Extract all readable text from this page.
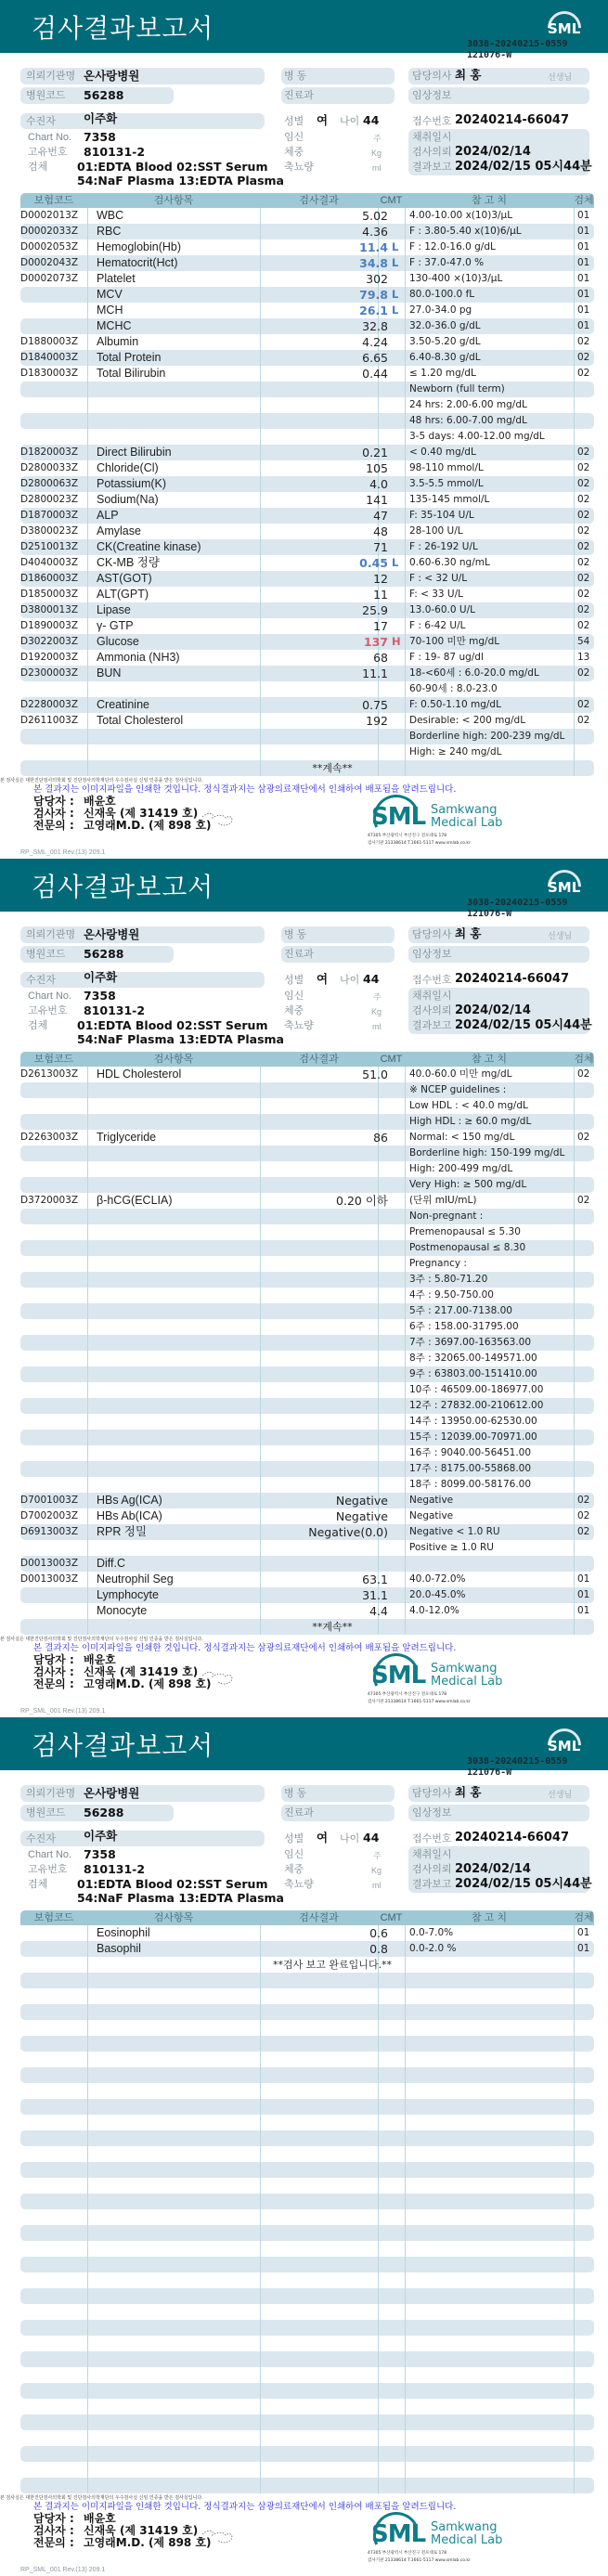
검사결과보고서	SML
3038-20240215-0559
121076-W
의뢰기관명 온사랑병원	병 동	담당의사 최 홍	선생님
병원코드 56288	진료과	임상정보
수진자 이주화
Chart No. 7358
고유번호 810131-2
검체	01:EDTA Blood 02:SST Serum
54:NaF Plasma 13:EDTA Plasma
성별 여 나이 44
임신	주
체중	Kg
축뇨량	ml
접수번호 20240214-66047
채취일시
검사의뢰 2024/02/14
결과보고 2024/02/15 05시44분
보험코드	검사항목	검사결과	CMT	참 고 치	검체
D0002013Z	WBC	5.02 4.00-10.00 x(10)3/µL	01
D0002033Z	RBC	4.36 F : 3.80-5.40 x(10)6/µL	01
D0002053Z	Hemoglobin(Hb)	11.4 L	F : 12.0-16.0 g/dL	01
D0002043Z	Hematocrit(Hct)	34.8 L	F : 37.0-47.0 %	01
D0002073Z	Platelet	302 130-400 ×(10)3/µL	01
MCV	79.8 L	80.0-100.0 fL	01
MCH	26.1 L	27.0-34.0 pg	01
MCHC	32.8 32.0-36.0 g/dL	01
D1880003Z	Albumin	4.24 3.50-5.20 g/dL	02
D1840003Z	Total Protein	6.65 6.40-8.30 g/dL	02
D1830003Z	Total Bilirubin	0.44 ≤ 1.20 mg/dL	02
Newborn (full term)
24 hrs: 2.00-6.00 mg/dL
48 hrs: 6.00-7.00 mg/dL
3-5 days: 4.00-12.00 mg/dL
D1820003Z	Direct Bilirubin	0.21 < 0.40 mg/dL	02
D2800033Z	Chloride(Cl)	105 98-110 mmol/L	02
D2800063Z	Potassium(K)	4.0 3.5-5.5 mmol/L	02
D2800023Z	Sodium(Na)	141 135-145 mmol/L	02
D1870003Z	ALP	47 F: 35-104 U/L	02
D3800023Z	Amylase	48 28-100 U/L	02
D2510013Z	CK(Creatine kinase)	71 F : 26-192 U/L	02
D4040003Z	CK-MB 정량	0.45 L	0.60-6.30 ng/mL	02
D1860003Z	AST(GOT)	12 F : < 32 U/L	02
D1850003Z	ALT(GPT)	11 F: < 33 U/L	02
D3800013Z	Lipase	25.9 13.0-60.0 U/L	02
D1890003Z	γ- GTP	17 F : 6-42 U/L	02
D3022003Z	Glucose	137 H 70-100 미만 mg/dL	54
D1920003Z	Ammonia (NH3)	68 F : 19- 87 ug/dl	13
D2300003Z	BUN	11.1 18-<60세 : 6.0-20.0 mg/dL	02
60-90세 : 8.0-23.0
D2280003Z	Creatinine	0.75 F: 0.50-1.10 mg/dL	02
D2611003Z	Total Cholesterol	192 Desirable: < 200 mg/dL	02
Borderline high: 200-239 mg/dL
High: ≥ 240 mg/dL
**계속**
본 검사실은 대한진단검사의학회 및 진단검사의학재단의 우수검사실 신임 인증을 받은 검사실입니다.
본 결과지는 이미지파일을 인쇄한 것입니다. 정식결과지는 삼광의료재단에서 인쇄하여 배포됨을 알려드립니다.
담당자 : 배윤호
검사자 : 신재욱 (제 31419 호)
전문의 : 고영래M.D. (제 898 호)	SML Samkwang
Medical Lab
47305 부산광역시 부산진구 전포대로 178
검사기관 21338614 T.1661-5117 www.smlab.co.kr
RP_SML_001 Rev.(13) 209.1
검사결과보고서	SML
3038-20240215-0559
121076-W
의뢰기관명 온사랑병원	병 동	담당의사 최 홍	선생님
병원코드 56288	진료과	임상정보
수진자 이주화
Chart No. 7358
고유번호 810131-2
검체	01:EDTA Blood 02:SST Serum
54:NaF Plasma 13:EDTA Plasma
성별 여 나이 44
임신	주
체중	Kg
축뇨량	ml
접수번호 20240214-66047
채취일시
검사의뢰 2024/02/14
결과보고 2024/02/15 05시44분
보험코드	검사항목	검사결과	CMT	참 고 치	검체
D2613003Z	HDL Cholesterol	51.0 40.0-60.0 미만 mg/dL	02
※ NCEP guidelines :
Low HDL : < 40.0 mg/dL
High HDL : ≥ 60.0 mg/dL
D2263003Z	Triglyceride	86 Normal: < 150 mg/dL	02
Borderline high: 150-199 mg/dL
High: 200-499 mg/dL
Very High: ≥ 500 mg/dL
D3720003Z	β-hCG(ECLIA)	0.20 이하 (단위 mIU/mL)	02
Non-pregnant :
Premenopausal ≤ 5.30
Postmenopausal ≤ 8.30
Pregnancy :
3주 : 5.80-71.20
4주 : 9.50-750.00
5주 : 217.00-7138.00
6주 : 158.00-31795.00
7주 : 3697.00-163563.00
8주 : 32065.00-149571.00
9주 : 63803.00-151410.00
10주 : 46509.00-186977.00
12주 : 27832.00-210612.00
14주 : 13950.00-62530.00
15주 : 12039.00-70971.00
16주 : 9040.00-56451.00
17주 : 8175.00-55868.00
18주 : 8099.00-58176.00
D7001003Z	HBs Ag(ICA)	Negative Negative	02
D7002003Z	HBs Ab(ICA)	Negative Negative	02
D6913003Z	RPR 정밀	Negative(0.0) Negative < 1.0 RU	02
Positive ≥ 1.0 RU
D0013003Z	Diff.C
D0013003Z	Neutrophil Seg	63.1 40.0-72.0%	01
Lymphocyte	31.1 20.0-45.0%	01
Monocyte	4.4 4.0-12.0%	01
**계속**
본 검사실은 대한진단검사의학회 및 진단검사의학재단의 우수검사실 신임 인증을 받은 검사실입니다.
본 결과지는 이미지파일을 인쇄한 것입니다. 정식결과지는 삼광의료재단에서 인쇄하여 배포됨을 알려드립니다.
담당자 : 배윤호
검사자 : 신재욱 (제 31419 호)
전문의 : 고영래M.D. (제 898 호)	SML Samkwang
Medical Lab
47305 부산광역시 부산진구 전포대로 178
검사기관 21338614 T.1661-5117 www.smlab.co.kr
RP_SML_001 Rev.(13) 209.1
검사결과보고서	SML
3038-20240215-0559
121076-W
의뢰기관명 온사랑병원	병 동	담당의사 최 홍	선생님
병원코드 56288	진료과	임상정보
수진자 이주화
Chart No. 7358
고유번호 810131-2
검체	01:EDTA Blood 02:SST Serum
54:NaF Plasma 13:EDTA Plasma
성별 여 나이 44
임신	주
체중	Kg
축뇨량	ml
접수번호 20240214-66047
채취일시
검사의뢰 2024/02/14
결과보고 2024/02/15 05시44분
보험코드	검사항목	검사결과	CMT	참 고 치	검체
Eosinophil	0.6 0.0-7.0%	01
Basophil	0.8 0.0-2.0 %	01
**검사 보고 완료입니다.**
본 검사실은 대한진단검사의학회 및 진단검사의학재단의 우수검사실 신임 인증을 받은 검사실입니다.
본 결과지는 이미지파일을 인쇄한 것입니다. 정식결과지는 삼광의료재단에서 인쇄하여 배포됨을 알려드립니다.
담당자 : 배윤호
검사자 : 신재욱 (제 31419 호)
전문의 : 고영래M.D. (제 898 호)	SML Samkwang
Medical Lab
47305 부산광역시 부산진구 전포대로 178
검사기관 21338614 T.1661-5117 www.smlab.co.kr
RP_SML_001 Rev.(13) 209.1
